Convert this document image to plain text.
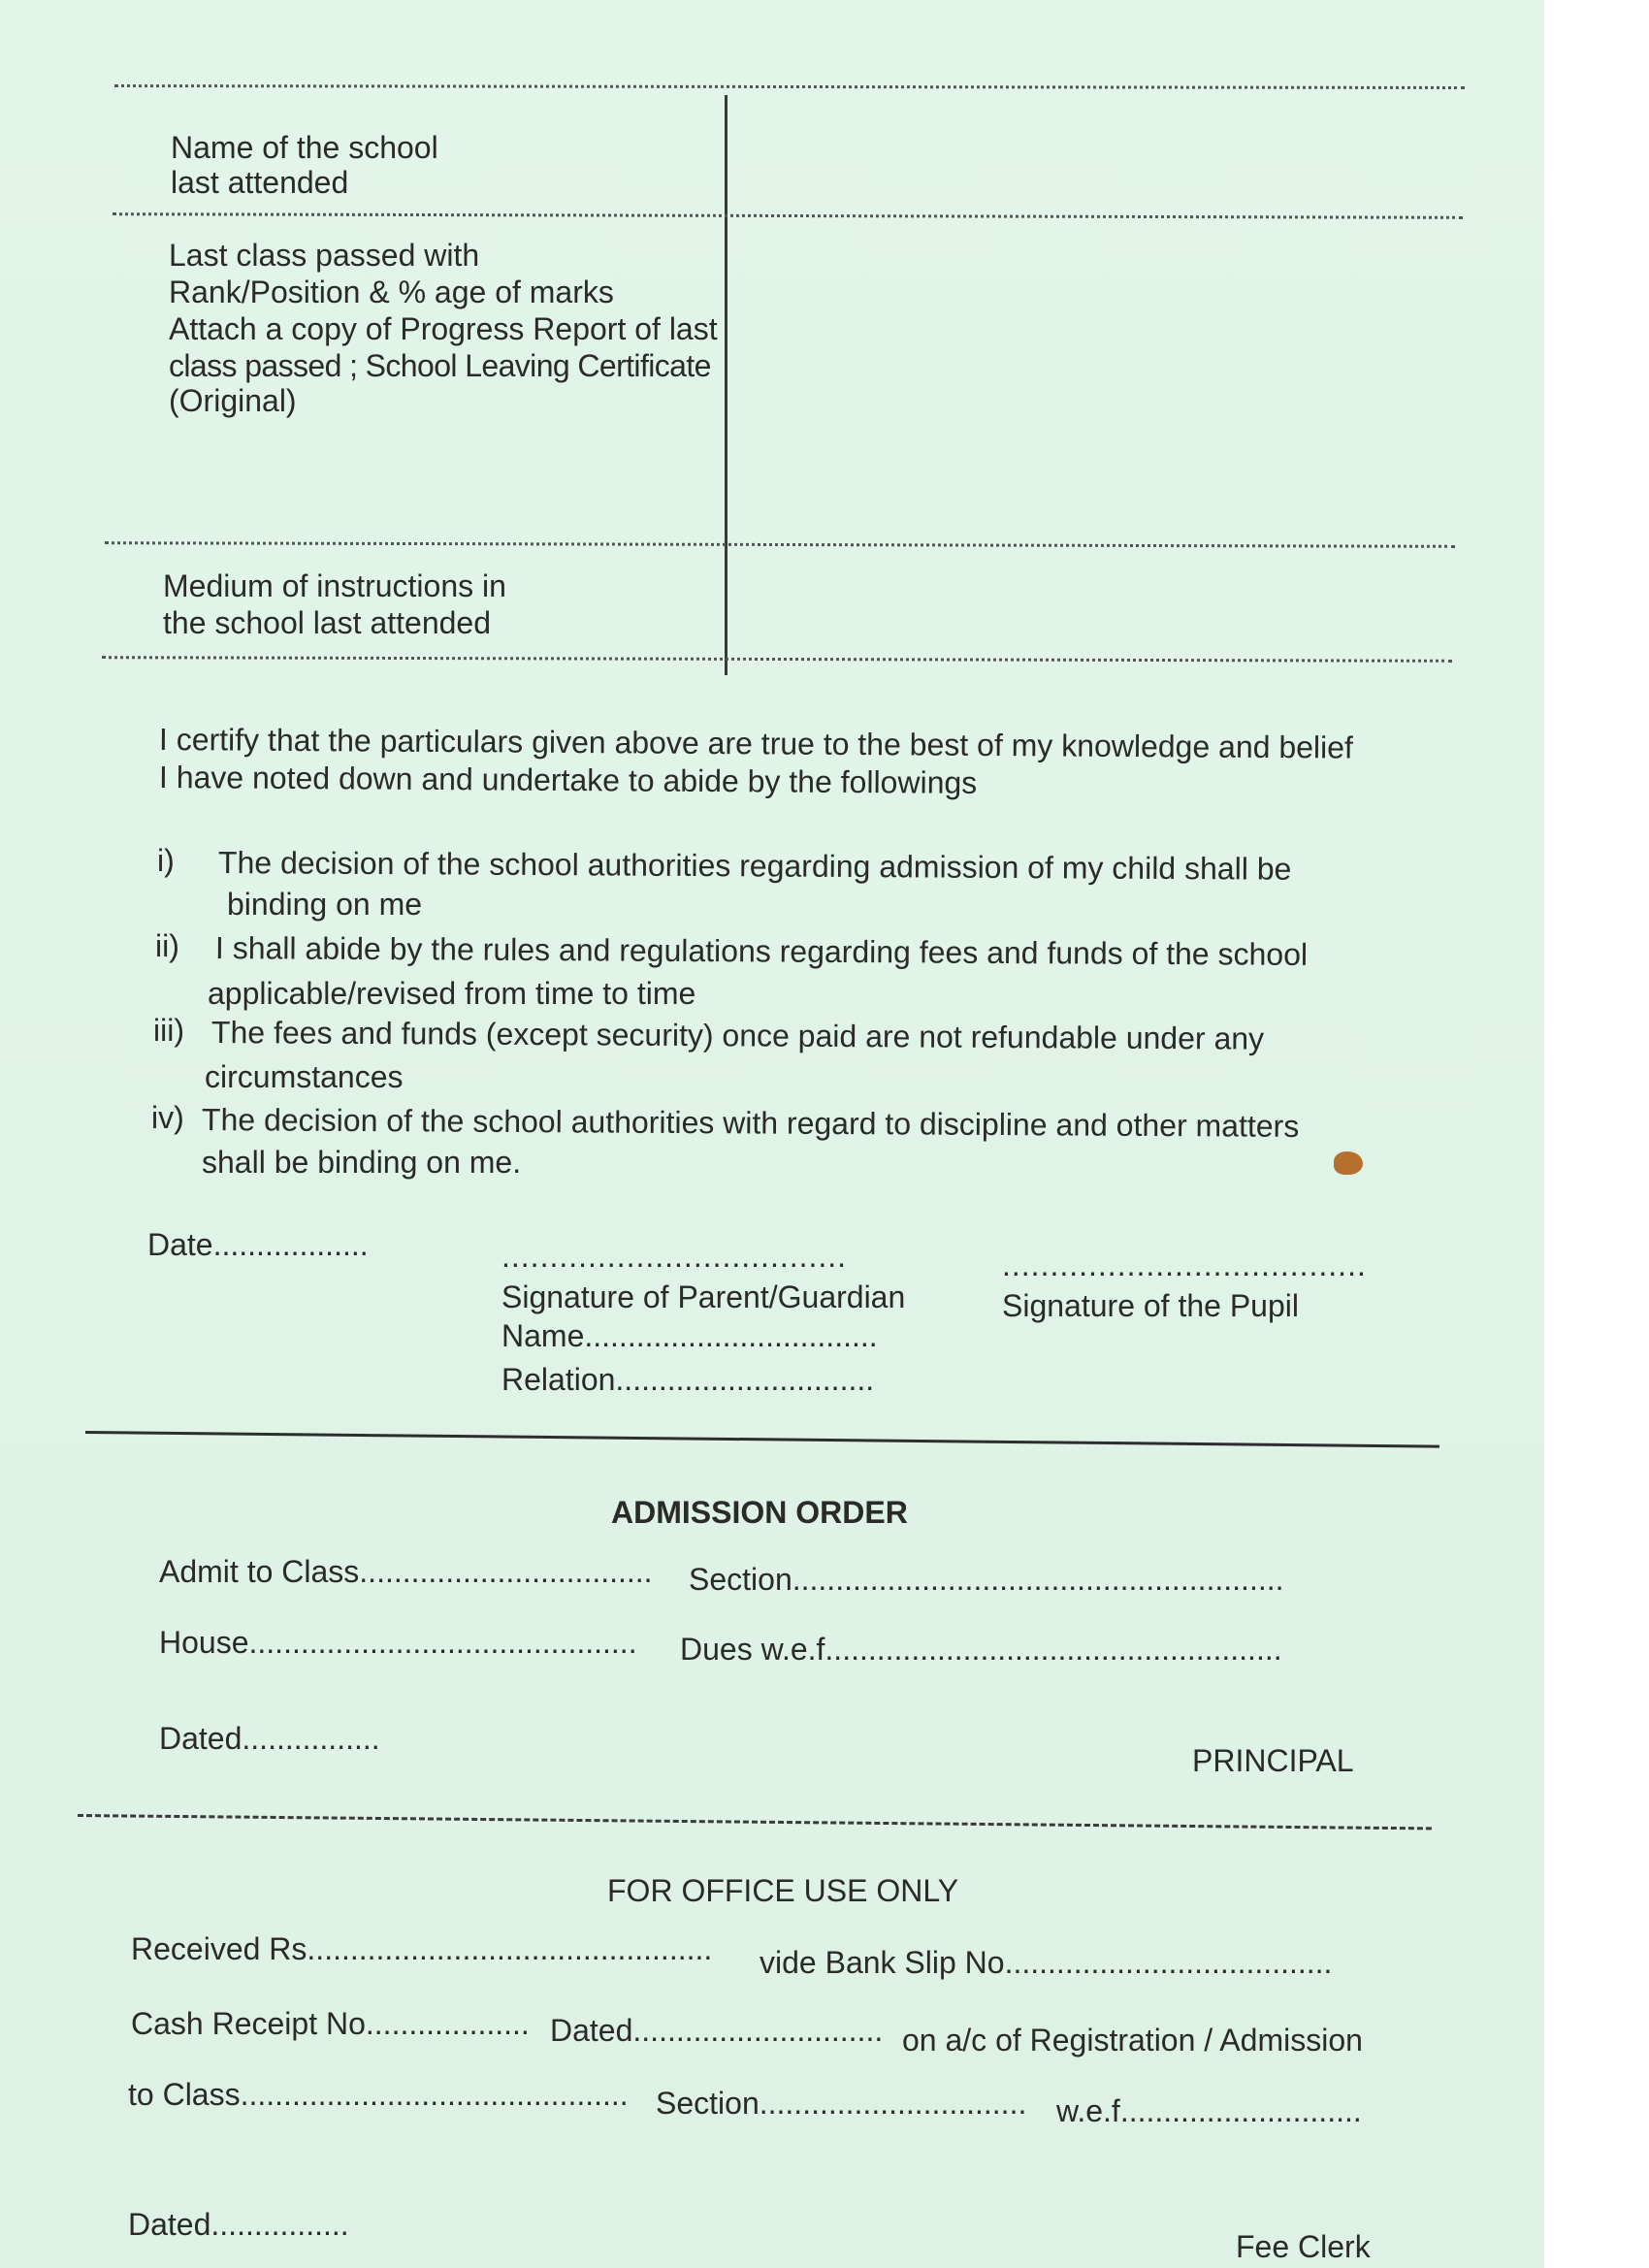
Name of the school
last attended
Last class passed with
Rank/Position & % age of marks
Attach a copy of Progress Report of last
class passed ; School Leaving Certificate
(Original)
Medium of instructions in
the school last attended
I certify that the particulars given above are true to the best of my knowledge and belief
I have noted down and undertake to abide by the followings
i) The decision of the school authorities regarding admission of my child shall be
binding on me
ii) I shall abide by the rules and regulations regarding fees and funds of the school
applicable/revised from time to time
iii) The fees and funds (except security) once paid are not refundable under any
circumstances
iv) The decision of the school authorities with regard to discipline and other matters
shall be binding on me.
Date..................	....................................
Signature of Parent/Guardian
Name..................................
Relation..............................
......................................
Signature of the Pupil
ADMISSION ORDER
Admit to Class.................................. Section.........................................................
House............................................. Dues w.e.f.....................................................
Dated................
PRINCIPAL
FOR OFFICE USE ONLY
Received Rs............................................... vide Bank Slip No......................................
Cash Receipt No................... Dated............................. on a/c of Registration / Admission
to Class............................................. Section............................... w.e.f............................
Dated................
Fee Clerk
